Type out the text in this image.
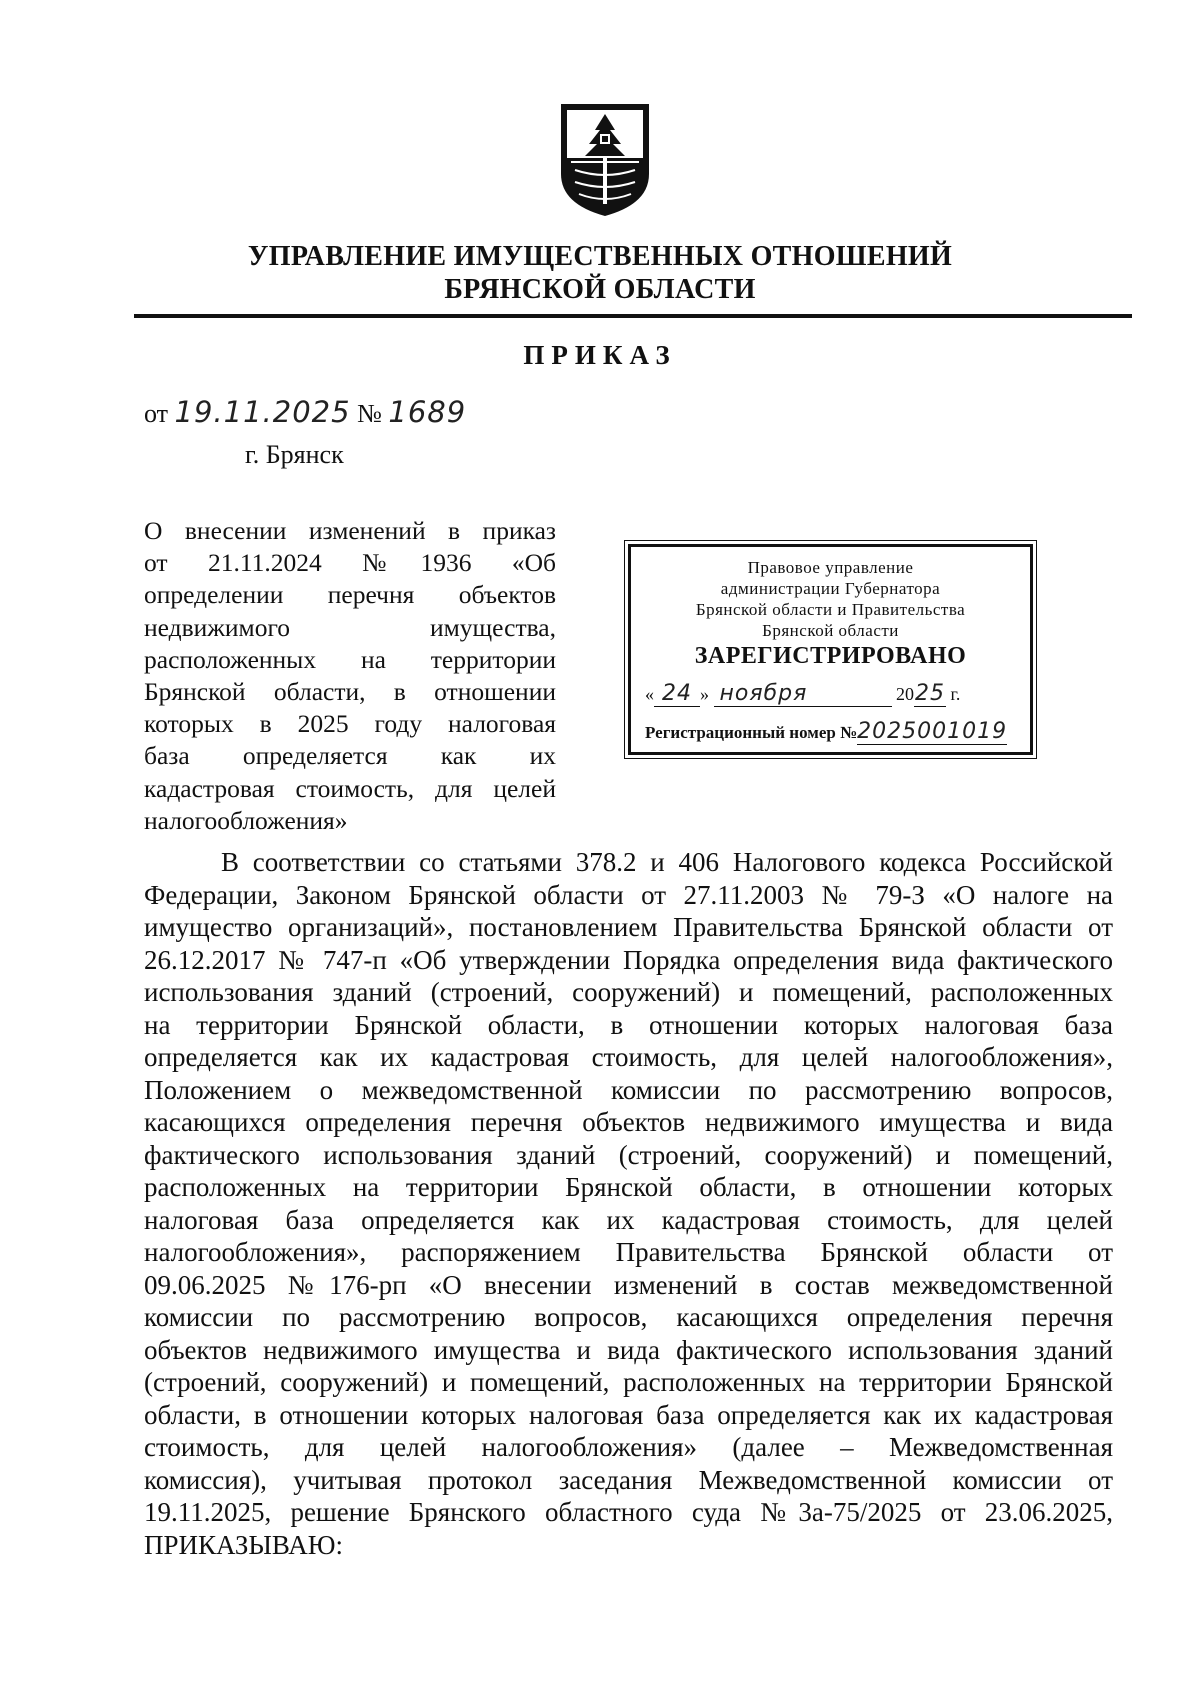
УПРАВЛЕНИЕ ИМУЩЕСТВЕННЫХ ОТНОШЕНИЙ
БРЯНСКОЙ ОБЛАСТИ
ПРИКАЗ
от 19.11.2025 № 1689
г. Брянск
О внесении изменений в приказ
от 21.11.2024 №1936 «Об
определении перечня объектов
недвижимого имущества,
расположенных на территории
Брянской области, в отношении
которых в 2025 году налоговая
база определяется как их
кадастровая стоимость, для целей
налогообложения»
Правовое управление
администрации Губернатора
Брянской области и Правительства
Брянской области
ЗАРЕГИСТРИРОВАНО
« 24 » ноября	2025 г.
Регистрационный номер №2025001019
В соответствии со статьями 378.2 и 406 Налогового кодекса Российской
Федерации, Законом Брянской области от 27.11.2003 № 79-З «О налоге на
имущество организаций», постановлением Правительства Брянской области от
26.12.2017 № 747-п «Об утверждении Порядка определения вида фактического
использования зданий (строений, сооружений) и помещений, расположенных
на территории Брянской области, в отношении которых налоговая база
определяется как их кадастровая стоимость, для целей налогообложения»,
Положением о межведомственной комиссии по рассмотрению вопросов,
касающихся определения перечня объектов недвижимого имущества и вида
фактического использования зданий (строений, сооружений) и помещений,
расположенных на территории Брянской области, в отношении которых
налоговая база определяется как их кадастровая стоимость, для целей
налогообложения», распоряжением Правительства Брянской области от
09.06.2025 №176-рп «О внесении изменений в состав межведомственной
комиссии по рассмотрению вопросов, касающихся определения перечня
объектов недвижимого имущества и вида фактического использования зданий
(строений, сооружений) и помещений, расположенных на территории Брянской
области, в отношении которых налоговая база определяется как их кадастровая
стоимость, для целей налогообложения» (далее – Межведомственная
комиссия), учитывая протокол заседания Межведомственной комиссии от
19.11.2025, решение Брянского областного суда №3а-75/2025 от 23.06.2025,
ПРИКАЗЫВАЮ:
